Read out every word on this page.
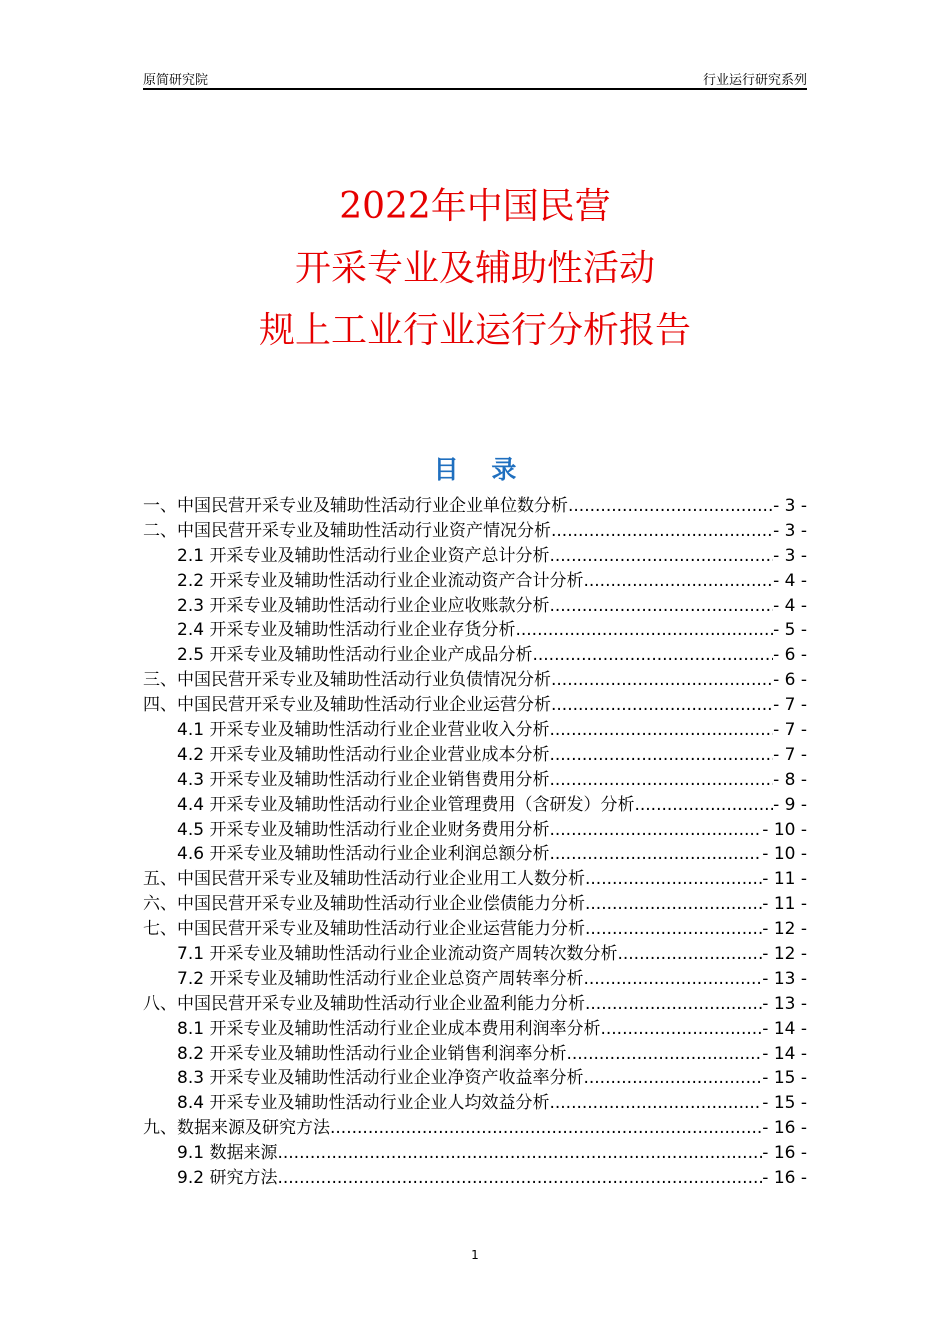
原简研究院	行业运行研究系列
2022年中国民营
开采专业及辅助性活动
规上工业行业运行分析报告
目 录
一、中国民营开采专业及辅助性活动行业企业单位数分析 .....	- 3 -
二、中国民营开采专业及辅助性活动行业资产情况分析 .....	- 3 -
2.1 开采专业及辅助性活动行业企业资产总计分析 .....	- 3 -
2.2 开采专业及辅助性活动行业企业流动资产合计分析 .....	- 4 -
2.3 开采专业及辅助性活动行业企业应收账款分析 .....	- 4 -
2.4 开采专业及辅助性活动行业企业存货分析 .....	- 5 -
2.5 开采专业及辅助性活动行业企业产成品分析 .....	- 6 -
三、中国民营开采专业及辅助性活动行业负债情况分析 .....	- 6 -
四、中国民营开采专业及辅助性活动行业企业运营分析 .....	- 7 -
4.1 开采专业及辅助性活动行业企业营业收入分析 .....	- 7 -
4.2 开采专业及辅助性活动行业企业营业成本分析 .....	- 7 -
4.3 开采专业及辅助性活动行业企业销售费用分析 .....	- 8 -
4.4 开采专业及辅助性活动行业企业管理费用（含研发）分析 .....	- 9 -
4.5 开采专业及辅助性活动行业企业财务费用分析 .....	- 10 -
4.6 开采专业及辅助性活动行业企业利润总额分析 .....	- 10 -
五、中国民营开采专业及辅助性活动行业企业用工人数分析 .....	- 11 -
六、中国民营开采专业及辅助性活动行业企业偿债能力分析 .....	- 11 -
七、中国民营开采专业及辅助性活动行业企业运营能力分析 .....	- 12 -
7.1 开采专业及辅助性活动行业企业流动资产周转次数分析 .....	- 12 -
7.2 开采专业及辅助性活动行业企业总资产周转率分析 .....	- 13 -
八、中国民营开采专业及辅助性活动行业企业盈利能力分析 .....	- 13 -
8.1 开采专业及辅助性活动行业企业成本费用利润率分析 .....	- 14 -
8.2 开采专业及辅助性活动行业企业销售利润率分析 .....	- 14 -
8.3 开采专业及辅助性活动行业企业净资产收益率分析 .....	- 15 -
8.4 开采专业及辅助性活动行业企业人均效益分析 .....	- 15 -
九、数据来源及研究方法 .....	- 16 -
9.1 数据来源 .....	- 16 -
9.2 研究方法 .....	- 16 -
1
